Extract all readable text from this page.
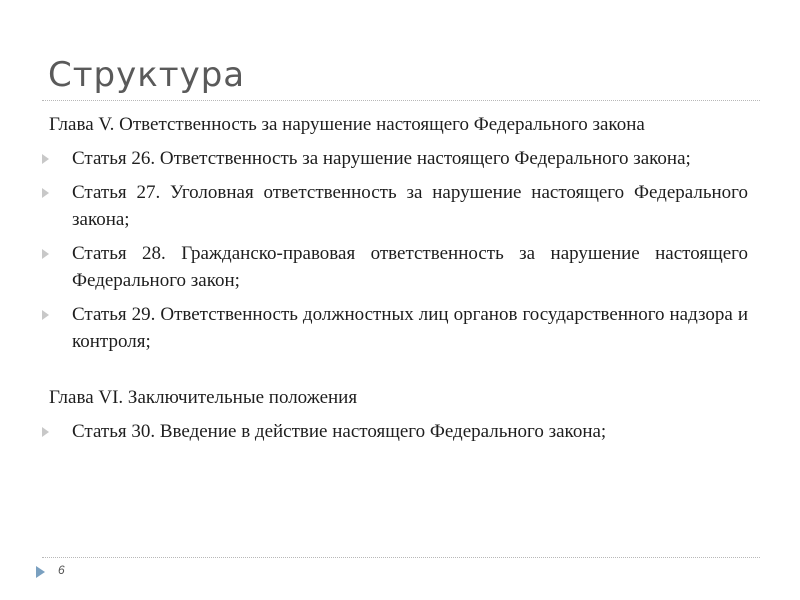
Структура
Глава V. Ответственность за нарушение настоящего Федерального закона
Статья 26. Ответственность за нарушение настоящего Федерального закона;
Статья 27. Уголовная ответственность за нарушение настоящего Федерального закона;
Статья 28. Гражданско-правовая ответственность за нарушение настоящего Федерального закон;
Статья 29. Ответственность должностных лиц органов государственного надзора и контроля;
Глава VI. Заключительные положения
Статья 30. Введение в действие настоящего Федерального закона;
6
